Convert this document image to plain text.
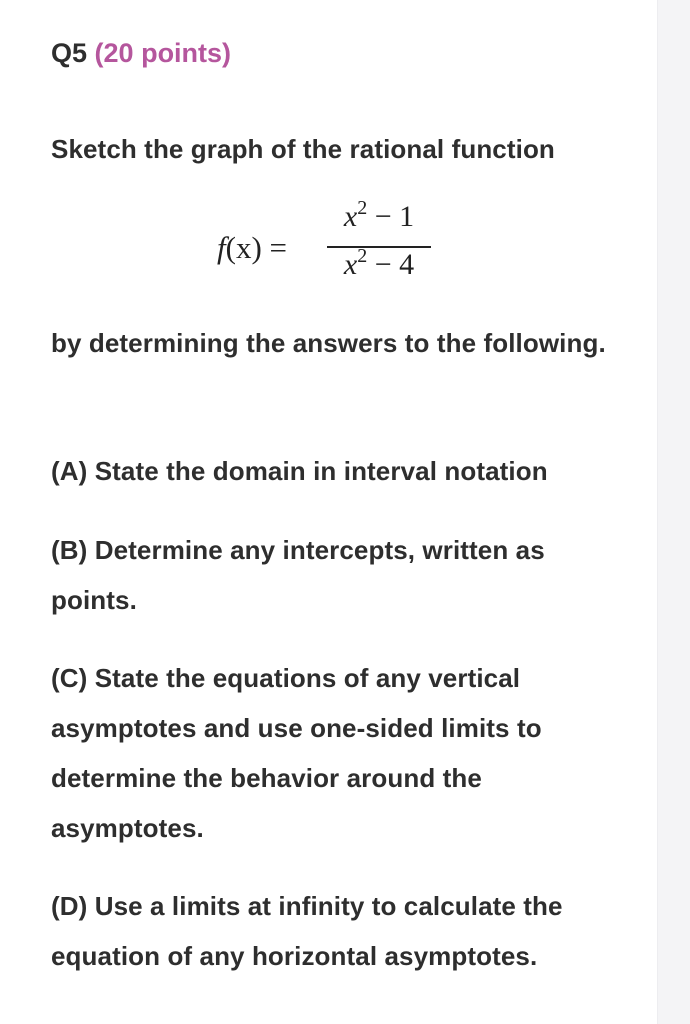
Q5 (20 points)
Sketch the graph of the rational function
f(x) =
$x^2 - 1$
$x^2 - 4$
by determining the answers to the following.
(A) State the domain in interval notation
(B) Determine any intercepts, written as points.
(C) State the equations of any vertical asymptotes and use one-sided limits to determine the behavior around the asymptotes.
(D) Use a limits at infinity to calculate the equation of any horizontal asymptotes.
